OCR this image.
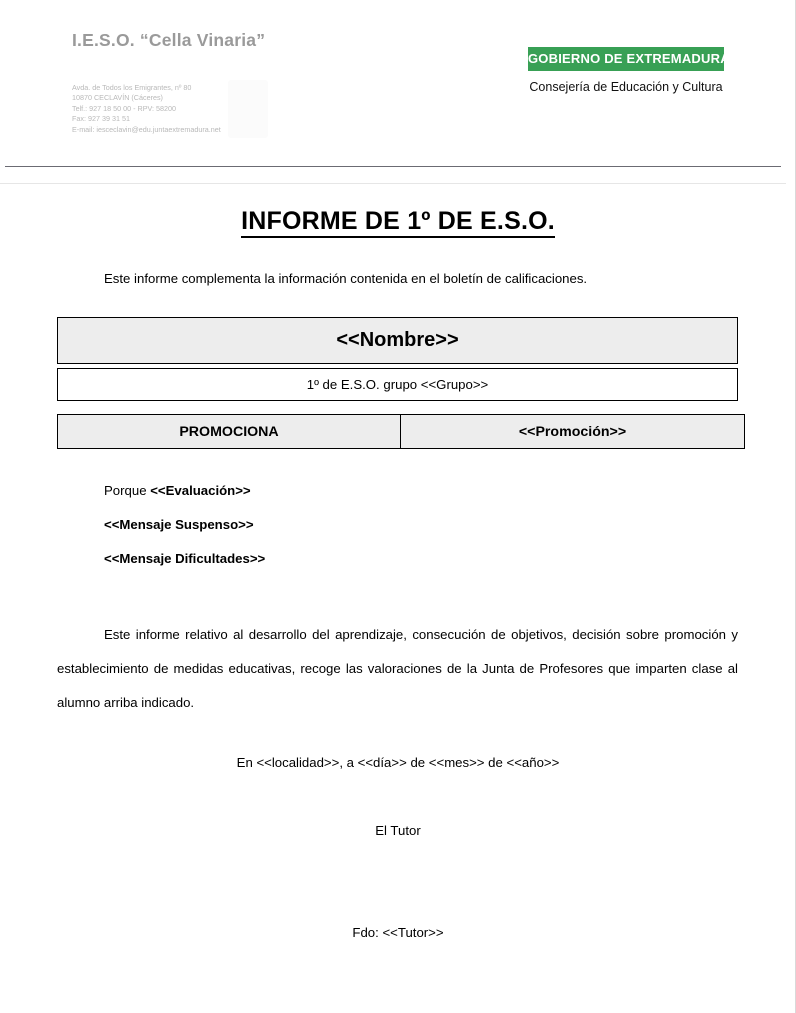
I.E.S.O. “Cella Vinaria”
Avda. de Todos los Emigrantes, nº 80
10870 CECLAVÍN (Cáceres)
Telf.: 927 18 50 00 - RPV: 58200
Fax: 927 39 31 51
E-mail: iesceclavin@edu.juntaextremadura.net
GOBIERNO DE EXTREMADURA
Consejería de Educación y Cultura
INFORME DE 1º DE E.S.O.
Este informe complementa la información contenida en el boletín de calificaciones.
<<Nombre>>

1º de E.S.O. grupo <<Grupo>>
PROMOCIONA	<<Promoción>>
Porque <<Evaluación>>
<<Mensaje Suspenso>>
<<Mensaje Dificultades>>
Este informe relativo al desarrollo del aprendizaje, consecución de objetivos, decisión sobre promoción y establecimiento de medidas educativas, recoge las valoraciones de la Junta de Profesores que imparten clase al alumno arriba indicado.
En <<localidad>>, a <<día>> de <<mes>> de <<año>>
El Tutor
Fdo: <<Tutor>>
